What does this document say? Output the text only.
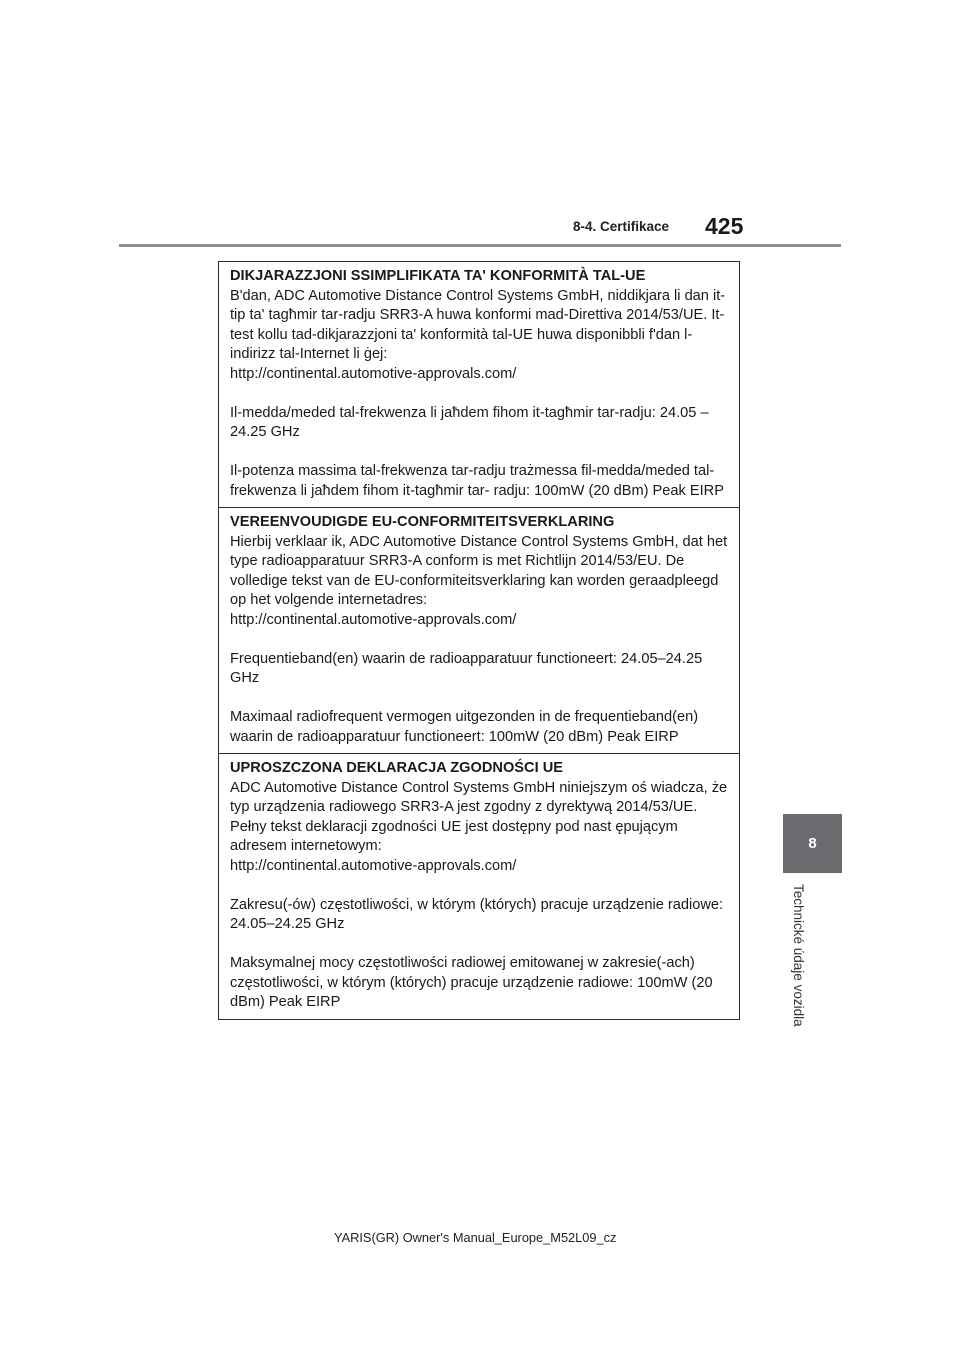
8-4. Certifikace 425
8
Technické údaje vozidla

DIKJARAZZJONI SSIMPLIFIKATA TA' KONFORMITÀ TAL-UE

B'dan, ADC Automotive Distance Control Systems GmbH, niddikjara li dan it-tip ta' tagħmir tar-radju SRR3-A huwa konformi mad-Direttiva 2014/53/UE. It-test kollu tad-dikjarazzjoni ta' konformità tal-UE huwa disponibbli f'dan l-indirizz tal-Internet li ġej:

http://continental.automotive-approvals.com/

Il-medda/meded tal-frekwenza li jaħdem fihom it-tagħmir tar-radju: 24.05 –24.25 GHz

Il-potenza massima tal-frekwenza tar-radju trażmessa fil-medda/meded tal-frekwenza li jaħdem fihom it-tagħmir tar- radju: 100mW (20 dBm) Peak EIRP

VEREENVOUDIGDE EU-CONFORMITEITSVERKLARING

Hierbij verklaar ik, ADC Automotive Distance Control Systems GmbH, dat het type radioapparatuur SRR3-A conform is met Richtlijn 2014/53/EU. De volledige tekst van de EU-conformiteitsverklaring kan worden geraadpleegd op het volgende internetadres:

http://continental.automotive-approvals.com/

Frequentieband(en) waarin de radioapparatuur functioneert: 24.05–24.25 GHz

Maximaal radiofrequent vermogen uitgezonden in de frequentieband(en) waarin de radioapparatuur functioneert: 100mW (20 dBm) Peak EIRP

UPROSZCZONA DEKLARACJA ZGODNOŚCI UE

ADC Automotive Distance Control Systems GmbH niniejszym oś wiadcza, że typ urządzenia radiowego SRR3-A jest zgodny z dyrektywą 2014/53/UE. Pełny tekst deklaracji zgodności UE jest dostępny pod nast ępującym adresem internetowym:

http://continental.automotive-approvals.com/

Zakresu(-ów) częstotliwości, w którym (których) pracuje urządzenie radiowe: 24.05–24.25 GHz

Maksymalnej mocy częstotliwości radiowej emitowanej w zakresie(-ach) częstotliwości, w którym (których) pracuje urządzenie radiowe: 100mW (20 dBm) Peak EIRP

YARIS(GR) Owner's Manual_Europe_M52L09_cz
